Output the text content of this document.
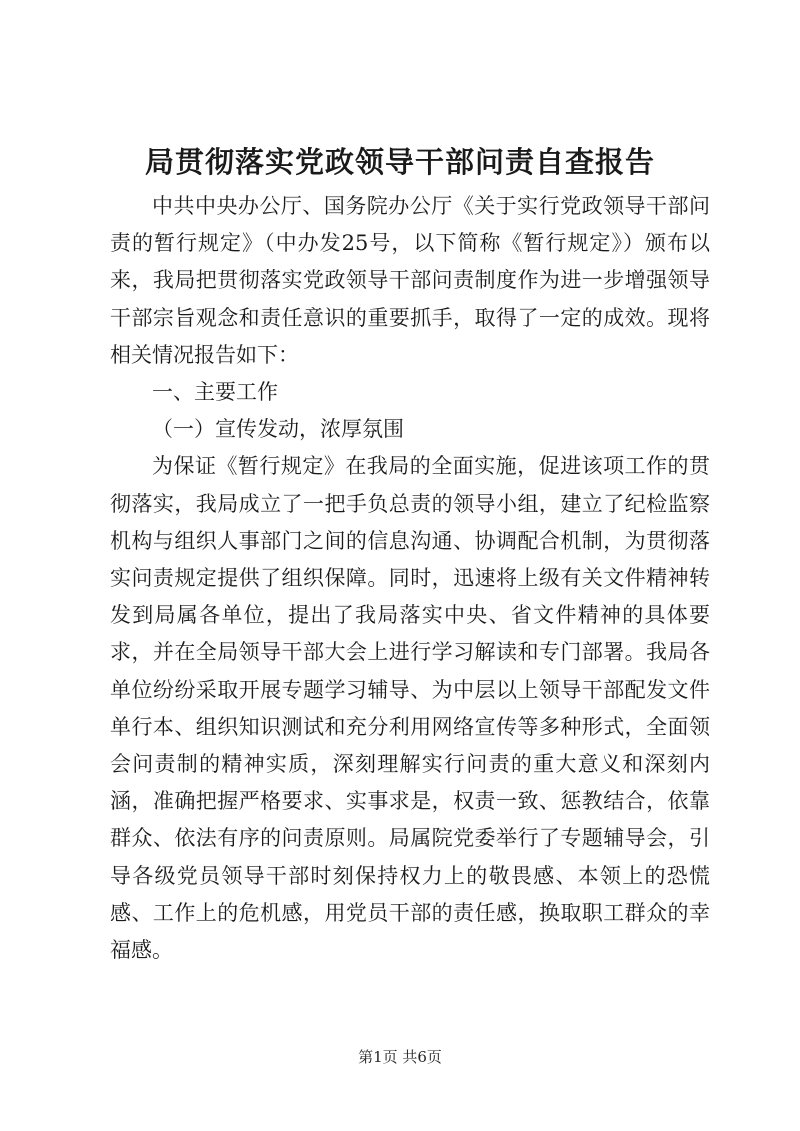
局贯彻落实党政领导干部问责自查报告

中共中央办公厅、国务院办公厅《关于实行党政领导干部问责的暂行规定》（中办发25号，以下简称《暂行规定》）颁布以来，我局把贯彻落实党政领导干部问责制度作为进一步增强领导干部宗旨观念和责任意识的重要抓手，取得了一定的成效。现将相关情况报告如下：

一、主要工作

（一）宣传发动，浓厚氛围

为保证《暂行规定》在我局的全面实施，促进该项工作的贯彻落实，我局成立了一把手负总责的领导小组，建立了纪检监察机构与组织人事部门之间的信息沟通、协调配合机制，为贯彻落实问责规定提供了组织保障。同时，迅速将上级有关文件精神转发到局属各单位，提出了我局落实中央、省文件精神的具体要求，并在全局领导干部大会上进行学习解读和专门部署。我局各单位纷纷采取开展专题学习辅导、为中层以上领导干部配发文件单行本、组织知识测试和充分利用网络宣传等多种形式，全面领会问责制的精神实质，深刻理解实行问责的重大意义和深刻内涵，准确把握严格要求、实事求是，权责一致、惩教结合，依靠群众、依法有序的问责原则。局属院党委举行了专题辅导会，引导各级党员领导干部时刻保持权力上的敬畏感、本领上的恐慌感、工作上的危机感，用党员干部的责任感，换取职工群众的幸福感。

第1页 共6页
